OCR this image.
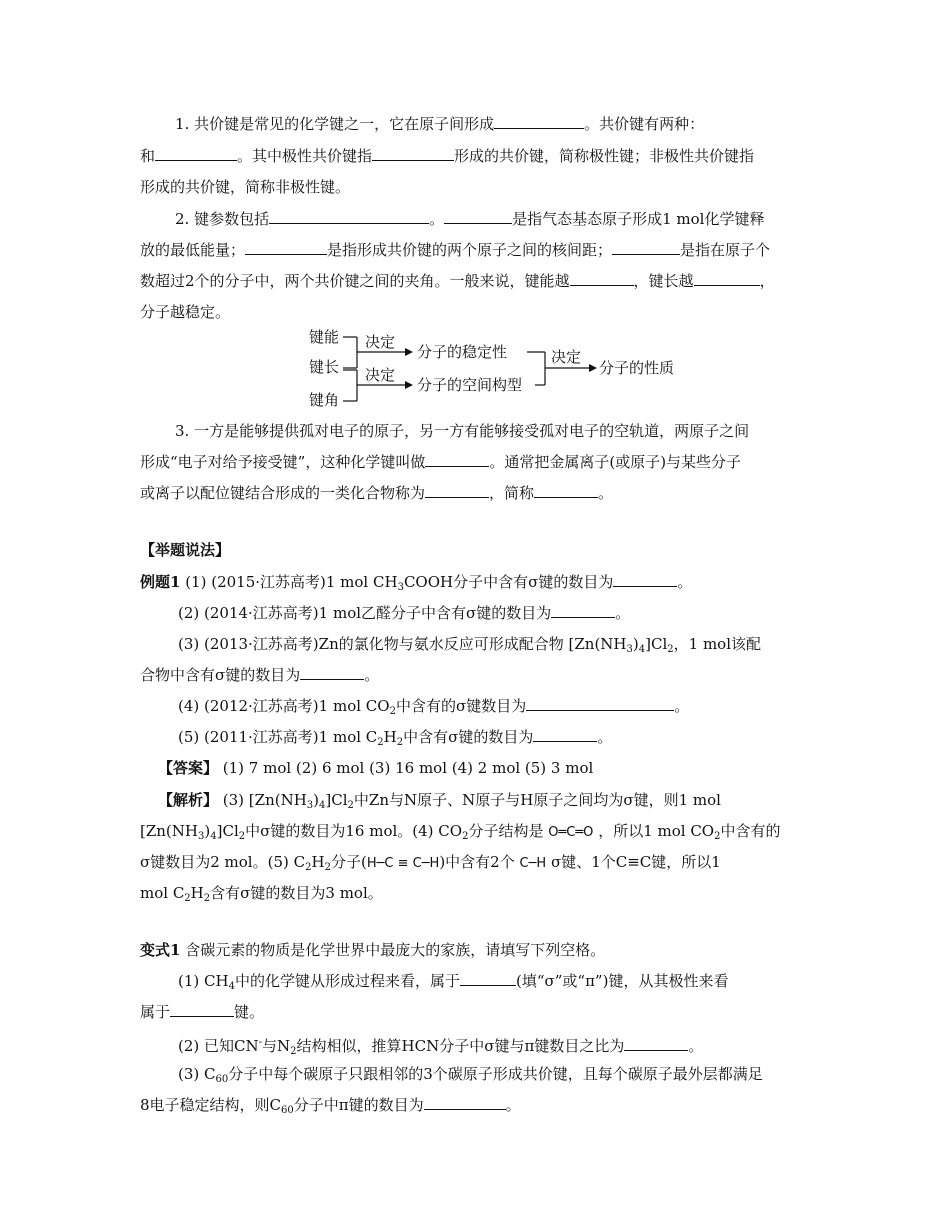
1. 共价键是常见的化学键之一，它在原子间形成	。共价键有两种：
和	。其中极性共价键指	形成的共价键，简称极性键；非极性共价键指
形成的共价键，简称非极性键。
2. 键参数包括	。	是指气态基态原子形成1 mol化学键释
放的最低能量；	是指形成共价键的两个原子之间的核间距；	是指在原子个
数超过2个的分子中，两个共价键之间的夹角。一般来说，键能越	，键长越	，
分子越稳定。
键能
键长
键角
决定
分子的稳定性
决定
分子的空间构型
决定
分子的性质
3. 一方是能够提供孤对电子的原子，另一方有能够接受孤对电子的空轨道，两原子之间
形成“电子对给予接受键”，这种化学键叫做	。通常把金属离子(或原子)与某些分子
或离子以配位键结合形成的一类化合物称为	，简称	。
【举题说法】
例题1 (1) (2015·江苏高考)1 mol $CH_3COOH$分子中含有σ键的数目为	。
(2) (2014·江苏高考)1 mol乙醛分子中含有σ键的数目为	。
(3) (2013·江苏高考)Zn的氯化物与氨水反应可形成配合物 $[Zn(NH_3)_4]Cl_2$，1 mol该配
合物中含有σ键的数目为	。
(4) (2012·江苏高考)1 mol $CO_2$中含有的σ键数目为	。
(5) (2011·江苏高考)1 mol $C_2H_2$中含有σ键的数目为	。
【答案】 (1) 7 mol (2) 6 mol (3) 16 mol (4) 2 mol (5) 3 mol
【解析】 (3) $[Zn(NH_3)_4]Cl_2$中Zn与N原子、N原子与H原子之间均为σ键，则1 mol
$[Zn(NH_3)_4]Cl_2$中σ键的数目为16 mol。(4) $CO_2$分子结构是 O═C═O ，所以1 mol $CO_2$中含有的
σ键数目为2 mol。(5) $C_2H_2$分子(H─C ≡ C─H)中含有2个 C─H σ键、1个C≡C键，所以1
mol $C_2H_2$含有σ键的数目为3 mol。
变式1 含碳元素的物质是化学世界中最庞大的家族，请填写下列空格。
(1) $CH_4$中的化学键从形成过程来看，属于	(填“σ”或“π”)键，从其极性来看
属于	键。
(2) 已知CN-与$N_2$结构相似，推算HCN分子中σ键与π键数目之比为	。
(3) $C_{60}$分子中每个碳原子只跟相邻的3个碳原子形成共价键，且每个碳原子最外层都满足
8电子稳定结构，则$C_{60}$分子中π键的数目为	。
